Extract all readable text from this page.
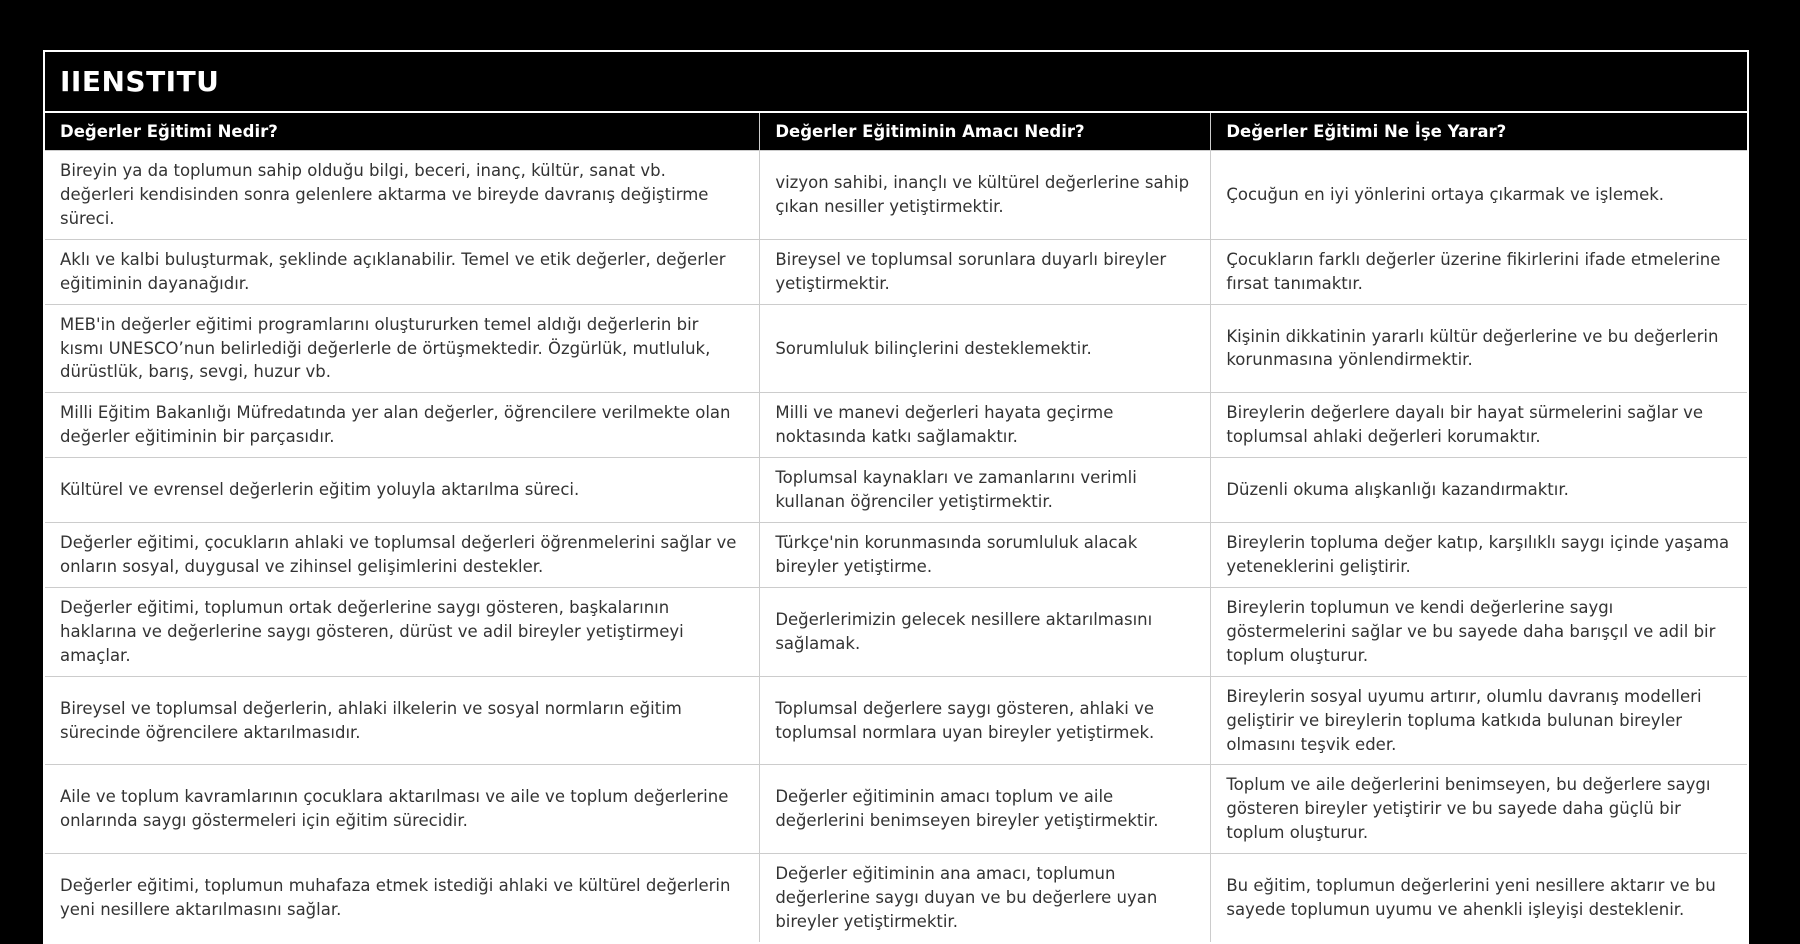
IIENSTITU
Değerler Eğitimi Nedir?	Değerler Eğitiminin Amacı Nedir?	Değerler Eğitimi Ne İşe Yarar?
Bireyin ya da toplumun sahip olduğu bilgi, beceri, inanç, kültür, sanat vb. değerleri kendisinden sonra gelenlere aktarma ve bireyde davranış değiştirme süreci.	vizyon sahibi, inançlı ve kültürel değerlerine sahip çıkan nesiller yetiştirmektir.	Çocuğun en iyi yönlerini ortaya çıkarmak ve işlemek.
Aklı ve kalbi buluşturmak, şeklinde açıklanabilir. Temel ve etik değerler, değerler eğitiminin dayanağıdır.	Bireysel ve toplumsal sorunlara duyarlı bireyler yetiştirmektir.	Çocukların farklı değerler üzerine fikirlerini ifade etmelerine fırsat tanımaktır.
MEB'in değerler eğitimi programlarını oluştururken temel aldığı değerlerin bir kısmı UNESCO’nun belirlediği değerlerle de örtüşmektedir. Özgürlük, mutluluk, dürüstlük, barış, sevgi, huzur vb.	Sorumluluk bilinçlerini desteklemektir.	Kişinin dikkatinin yararlı kültür değerlerine ve bu değerlerin korunmasına yönlendirmektir.
Milli Eğitim Bakanlığı Müfredatında yer alan değerler, öğrencilere verilmekte olan değerler eğitiminin bir parçasıdır.	Milli ve manevi değerleri hayata geçirme noktasında katkı sağlamaktır.	Bireylerin değerlere dayalı bir hayat sürmelerini sağlar ve toplumsal ahlaki değerleri korumaktır.
Kültürel ve evrensel değerlerin eğitim yoluyla aktarılma süreci.	Toplumsal kaynakları ve zamanlarını verimli kullanan öğrenciler yetiştirmektir.	Düzenli okuma alışkanlığı kazandırmaktır.
Değerler eğitimi, çocukların ahlaki ve toplumsal değerleri öğrenmelerini sağlar ve onların sosyal, duygusal ve zihinsel gelişimlerini destekler.	Türkçe'nin korunmasında sorumluluk alacak bireyler yetiştirme.	Bireylerin topluma değer katıp, karşılıklı saygı içinde yaşama yeteneklerini geliştirir.
Değerler eğitimi, toplumun ortak değerlerine saygı gösteren, başkalarının haklarına ve değerlerine saygı gösteren, dürüst ve adil bireyler yetiştirmeyi amaçlar.	Değerlerimizin gelecek nesillere aktarılmasını sağlamak.	Bireylerin toplumun ve kendi değerlerine saygı göstermelerini sağlar ve bu sayede daha barışçıl ve adil bir toplum oluşturur.
Bireysel ve toplumsal değerlerin, ahlaki ilkelerin ve sosyal normların eğitim sürecinde öğrencilere aktarılmasıdır.	Toplumsal değerlere saygı gösteren, ahlaki ve toplumsal normlara uyan bireyler yetiştirmek.	Bireylerin sosyal uyumu artırır, olumlu davranış modelleri geliştirir ve bireylerin topluma katkıda bulunan bireyler olmasını teşvik eder.
Aile ve toplum kavramlarının çocuklara aktarılması ve aile ve toplum değerlerine onlarında saygı göstermeleri için eğitim sürecidir.	Değerler eğitiminin amacı toplum ve aile değerlerini benimseyen bireyler yetiştirmektir.	Toplum ve aile değerlerini benimseyen, bu değerlere saygı gösteren bireyler yetiştirir ve bu sayede daha güçlü bir toplum oluşturur.
Değerler eğitimi, toplumun muhafaza etmek istediği ahlaki ve kültürel değerlerin yeni nesillere aktarılmasını sağlar.	Değerler eğitiminin ana amacı, toplumun değerlerine saygı duyan ve bu değerlere uyan bireyler yetiştirmektir.	Bu eğitim, toplumun değerlerini yeni nesillere aktarır ve bu sayede toplumun uyumu ve ahenkli işleyişi desteklenir.
